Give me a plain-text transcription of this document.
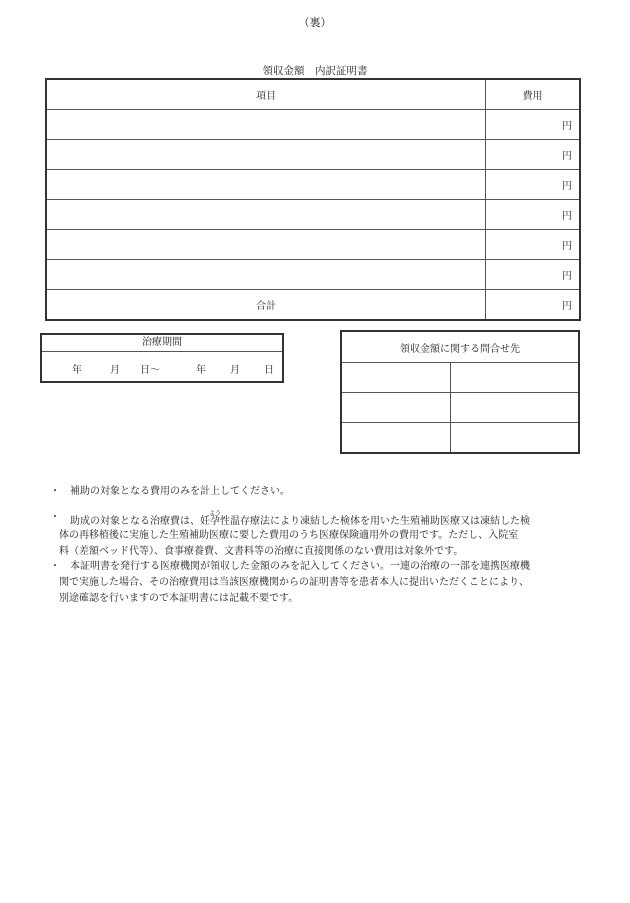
（裏）
領収金額　内訳証明書
項目	費用
	円
	円
	円
	円
	円
	円
合計	円
治療期間
年	月 日～	年 月 日
領収金額に関する問合せ先	

・ 補助の対象となる費用のみを計上してください。
・ 助成の対象となる治療費は、妊孕よう性温存療法により凍結した検体を用いた生殖補助医療又は凍結した検
体の再移植後に実施した生殖補助医療に要した費用のうち医療保険適用外の費用です。ただし、入院室
料（差額ベッド代等）、食事療養費、文書料等の治療に直接関係のない費用は対象外です。
・ 本証明書を発行する医療機関が領収した金額のみを記入してください。一連の治療の一部を連携医療機
関で実施した場合、その治療費用は当該医療機関からの証明書等を患者本人に提出いただくことにより、
別途確認を行いますので本証明書には記載不要です。
